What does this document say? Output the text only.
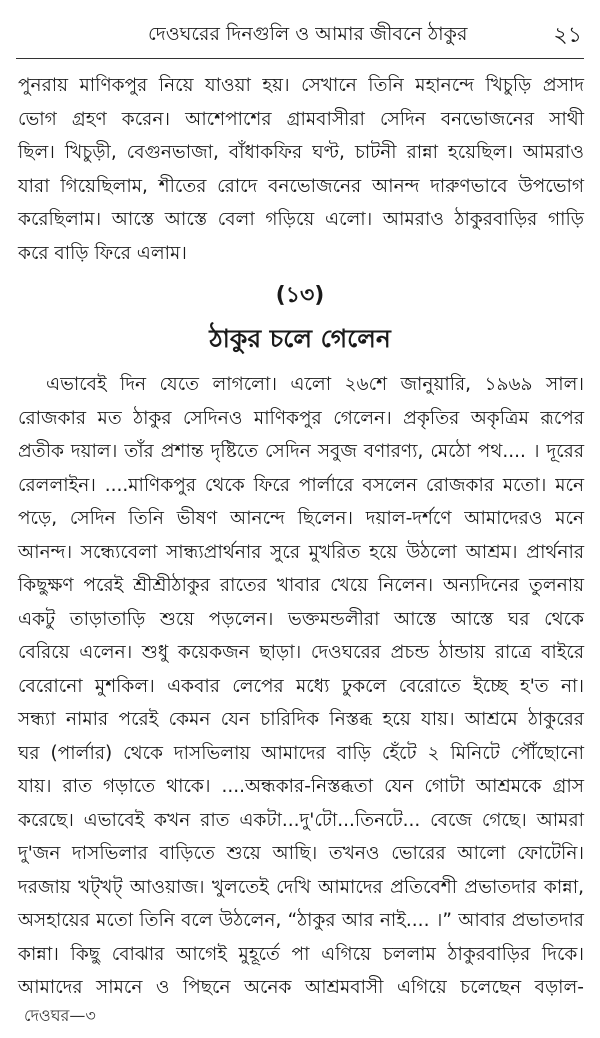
দেওঘরের দিনগুলি ও আমার জীবনে ঠাকুর	২১

পুনরায় মাণিকপুর নিয়ে যাওয়া হয়। সেখানে তিনি মহানন্দে খিচুড়ি প্রসাদ
ভোগ গ্রহণ করেন। আশেপাশের গ্রামবাসীরা সেদিন বনভোজনের সাথী
ছিল। খিচুড়ী, বেগুনভাজা, বাঁধাকফির ঘণ্ট, চাটনী রান্না হয়েছিল। আমরাও
যারা গিয়েছিলাম, শীতের রোদে বনভোজনের আনন্দ দারুণভাবে উপভোগ
করেছিলাম। আস্তে আস্তে বেলা গড়িয়ে এলো। আমরাও ঠাকুরবাড়ির গাড়ি
করে বাড়ি ফিরে এলাম।

(১৩)
ঠাকুর চলে গেলেন

এভাবেই দিন যেতে লাগলো। এলো ২৬শে জানুয়ারি, ১৯৬৯ সাল।
রোজকার মত ঠাকুর সেদিনও মাণিকপুর গেলেন। প্রকৃতির অকৃত্রিম রূপের
প্রতীক দয়াল। তাঁর প্রশান্ত দৃষ্টিতে সেদিন সবুজ বণারণ্য, মেঠো পথ.... । দূরের
রেললাইন। ....মাণিকপুর থেকে ফিরে পার্লারে বসলেন রোজকার মতো। মনে
পড়ে, সেদিন তিনি ভীষণ আনন্দে ছিলেন। দয়াল-দর্শণে আমাদেরও মনে
আনন্দ। সন্ধ্যেবেলা সান্ধ্যপ্রার্থনার সুরে মুখরিত হয়ে উঠলো আশ্রম। প্রার্থনার
কিছুক্ষণ পরেই শ্রীশ্রীঠাকুর রাতের খাবার খেয়ে নিলেন। অন্যদিনের তুলনায়
একটু তাড়াতাড়ি শুয়ে পড়লেন। ভক্তমন্ডলীরা আস্তে আস্তে ঘর থেকে
বেরিয়ে এলেন। শুধু কয়েকজন ছাড়া। দেওঘরের প্রচন্ড ঠান্ডায় রাত্রে বাইরে
বেরোনো মুশকিল। একবার লেপের মধ্যে ঢুকলে বেরোতে ইচ্ছে হ'ত না।
সন্ধ্যা নামার পরেই কেমন যেন চারিদিক নিস্তব্ধ হয়ে যায়। আশ্রমে ঠাকুরের
ঘর (পার্লার) থেকে দাসভিলায় আমাদের বাড়ি হেঁটে ২ মিনিটে পৌঁছোনো
যায়। রাত গড়াতে থাকে। ....অন্ধকার-নিস্তব্ধতা যেন গোটা আশ্রমকে গ্রাস
করেছে। এভাবেই কখন রাত একটা...দু'টো...তিনটে... বেজে গেছে। আমরা
দু'জন দাসভিলার বাড়িতে শুয়ে আছি। তখনও ভোরের আলো ফোটেনি।
দরজায় খট্খট্ আওয়াজ। খুলতেই দেখি আমাদের প্রতিবেশী প্রভাতদার কান্না,
অসহায়ের মতো তিনি বলে উঠলেন, “ঠাকুর আর নাই.... ।” আবার প্রভাতদার
কান্না। কিছু বোঝার আগেই মুহূর্তে পা এগিয়ে চললাম ঠাকুরবাড়ির দিকে।
আমাদের সামনে ও পিছনে অনেক আশ্রমবাসী এগিয়ে চলেছেন বড়াল-

দেওঘর—৩
